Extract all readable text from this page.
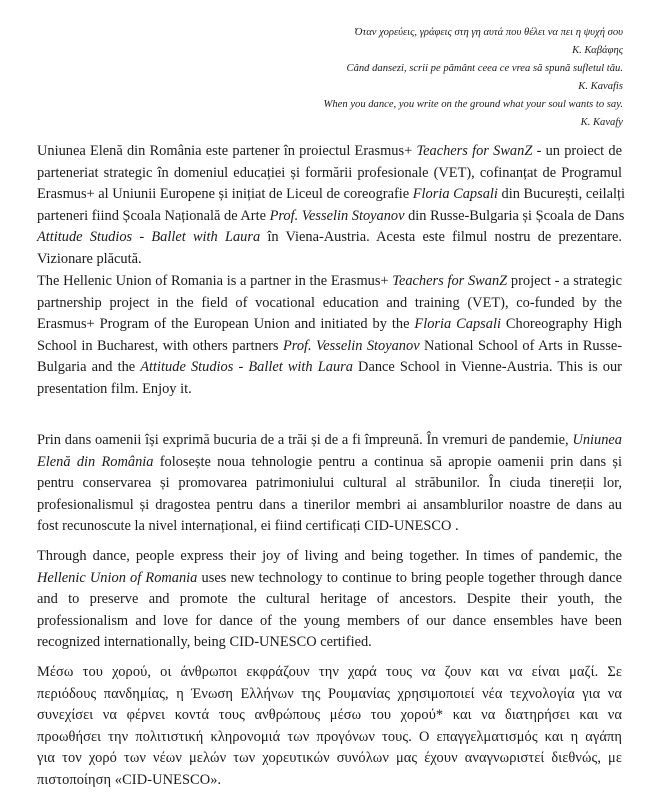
Όταν χορεύεις, γράφεις στη γη αυτά που θέλει να πει η ψυχή σου
Κ. Καβάφης
Când dansezi, scrii pe pământ ceea ce vrea să spună sufletul tău.
K. Kavafis
When you dance, you write on the ground what your soul wants to say.
K. Kavafy
Uniunea Elenă din România este partener în proiectul Erasmus+ Teachers for SwanZ - un proiect de
parteneriat strategic în domeniul educației și formării profesionale (VET), cofinanțat de Programul
Erasmus+ al Uniunii Europene și inițiat de Liceul de coreografie Floria Capsali din București, ceilalți
parteneri fiind Școala Națională de Arte Prof. Vesselin Stoyanov din Russe-Bulgaria și Școala de Dans
Attitude Studios - Ballet with Laura în Viena-Austria. Acesta este filmul nostru de prezentare.
Vizionare plăcută.
The Hellenic Union of Romania is a partner in the Erasmus+ Teachers for SwanZ project - a strategic
partnership project in the field of vocational education and training (VET), co-funded by the
Erasmus+ Program of the European Union and initiated by the Floria Capsali Choreography High
School in Bucharest, with others partners Prof. Vesselin Stoyanov National School of Arts in Russe-
Bulgaria and the Attitude Studios - Ballet with Laura Dance School in Vienne-Austria. This is our
presentation film. Enjoy it.
Prin dans oamenii își exprimă bucuria de a trăi și de a fi împreună. În vremuri de pandemie, Uniunea
Elenă din România folosește noua tehnologie pentru a continua să apropie oamenii prin dans și
pentru conservarea și promovarea patrimoniului cultural al străbunilor. În ciuda tinereții lor,
profesionalismul și dragostea pentru dans a tinerilor membri ai ansamblurilor noastre de dans au
fost recunoscute la nivel internațional, ei fiind certificați CID-UNESCO .
Through dance, people express their joy of living and being together. In times of pandemic, the
Hellenic Union of Romania uses new technology to continue to bring people together through dance
and to preserve and promote the cultural heritage of ancestors. Despite their youth, the
professionalism and love for dance of the young members of our dance ensembles have been
recognized internationally, being CID-UNESCO certified.
Μέσω του χορού, οι άνθρωποι εκφράζουν την χαρά τους να ζουν και να είναι μαζί. Σε
περιόδους πανδημίας, η Ένωση Ελλήνων της Ρουμανίας χρησιμοποιεί νέα τεχνολογία για να
συνεχίσει να φέρνει κοντά τους ανθρώπους μέσω του χορού* και να διατηρήσει και να
προωθήσει την πολιτιστική κληρονομιά των προγόνων τους. Ο επαγγελματισμός και η αγάπη
για τον χορό των νέων μελών των χορευτικών συνόλων μας έχουν αναγνωριστεί διεθνώς, με
πιστοποίηση «CID-UNESCO».
